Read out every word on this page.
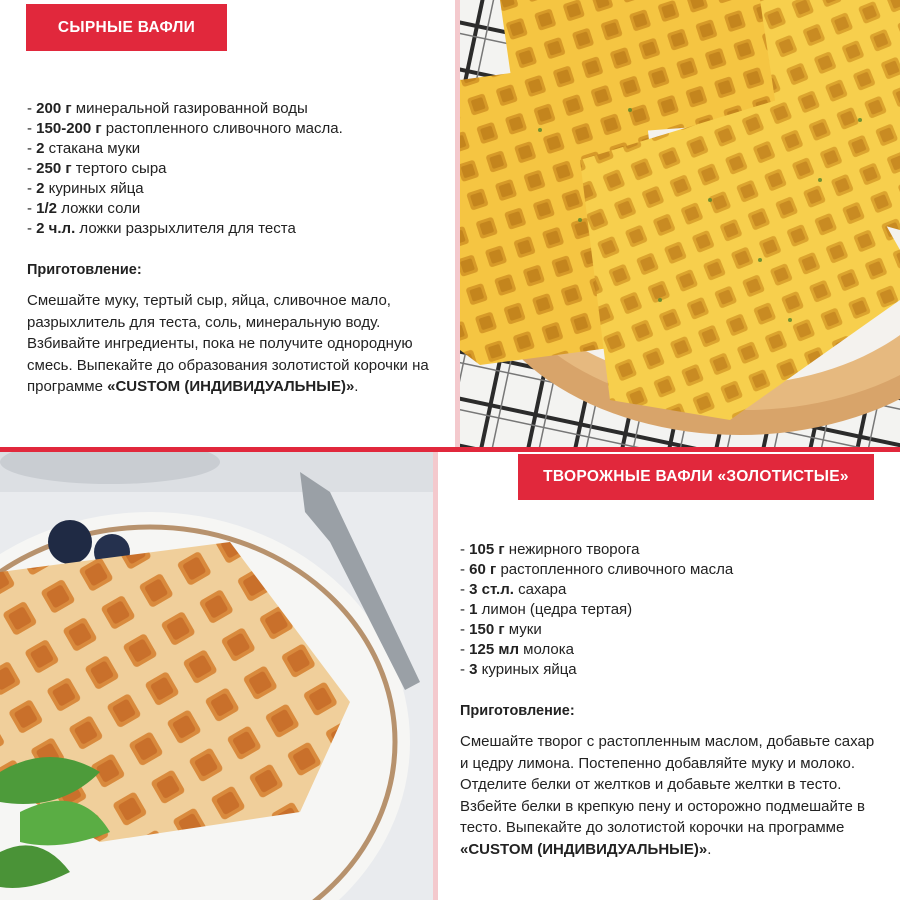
СЫРНЫЕ ВАФЛИ
- 200 г минеральной газированной воды
- 150-200 г растопленного сливочного масла.
- 2 стакана муки
- 250 г тертого сыра
- 2 куриных яйца
- 1/2 ложки соли
- 2 ч.л. ложки разрыхлителя для теста
Приготовление:
Смешайте муку, тертый сыр, яйца, сливочное мало, разрыхлитель для теста, соль, минеральную воду. Взбивайте ингредиенты, пока не получите однородную смесь. Выпекайте до образования золотистой корочки на программе «CUSTOM (ИНДИВИДУАЛЬНЫЕ)».
ТВОРОЖНЫЕ ВАФЛИ «ЗОЛОТИСТЫЕ»
- 105 г нежирного творога
- 60 г растопленного сливочного масла
- 3 ст.л. сахара
- 1 лимон (цедра тертая)
- 150 г муки
- 125 мл молока
- 3 куриных яйца
Приготовление:
Смешайте творог с растопленным маслом, добавьте сахар и цедру лимона. Постепенно добавляйте муку и молоко. Отделите белки от желтков и добавьте желтки в тесто. Взбейте белки в крепкую пену и осторожно подмешайте в тесто. Выпекайте до золотистой корочки на программе «CUSTOM (ИНДИВИДУАЛЬНЫЕ)».
